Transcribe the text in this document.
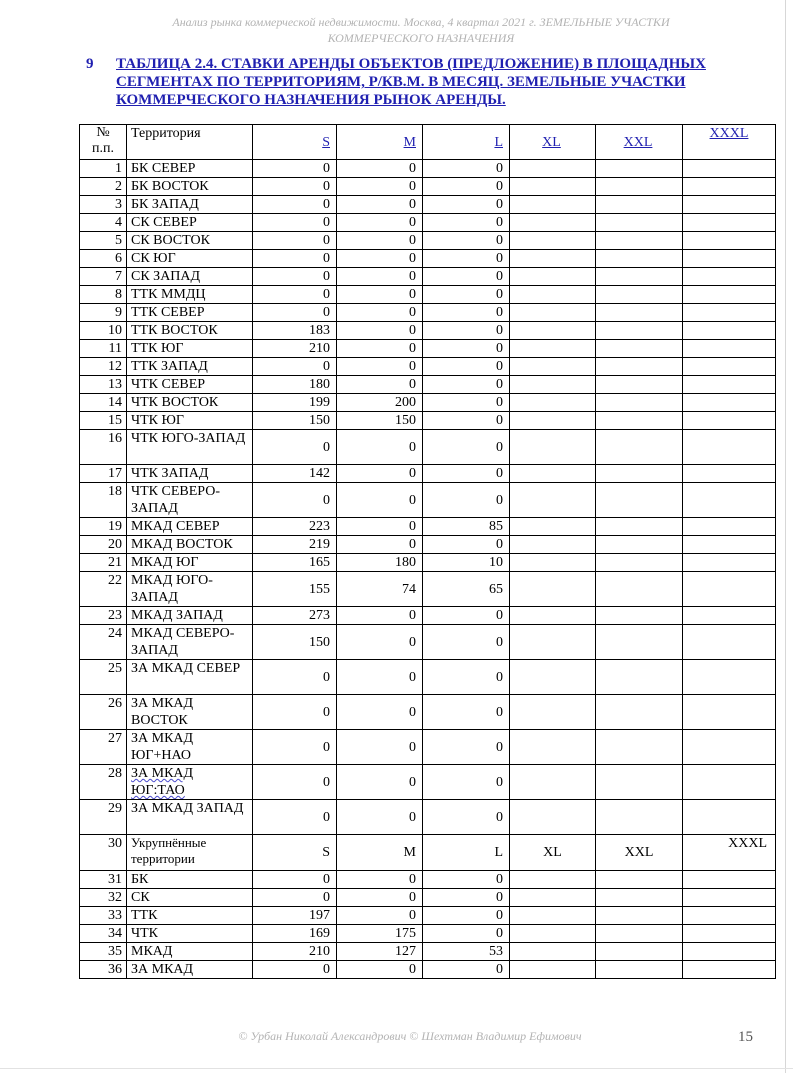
Анализ рынка коммерческой недвижимости. Москва, 4 квартал 2021 г. ЗЕМЕЛЬНЫЕ УЧАСТКИ
КОММЕРЧЕСКОГО НАЗНАЧЕНИЯ
9 ТАБЛИЦА 2.4. СТАВКИ АРЕНДЫ ОБЪЕКТОВ (ПРЕДЛОЖЕНИЕ) В ПЛОЩАДНЫХ СЕГМЕНТАХ ПО ТЕРРИТОРИЯМ, Р/КВ.М. В МЕСЯЦ. ЗЕМЕЛЬНЫЕ УЧАСТКИ КОММЕРЧЕСКОГО НАЗНАЧЕНИЯ РЫНОК АРЕНДЫ.
№ п.п.	Территория	S	M	L	XL	XXL	XXXL
1	БК СЕВЕР	0	0	0			
2	БК ВОСТОК	0	0	0			
3	БК ЗАПАД	0	0	0			
4	СК СЕВЕР	0	0	0			
5	СК ВОСТОК	0	0	0			
6	СК ЮГ	0	0	0			
7	СК ЗАПАД	0	0	0			
8	ТТК ММДЦ	0	0	0			
9	ТТК СЕВЕР	0	0	0			
10	ТТК ВОСТОК	183	0	0			
11	ТТК ЮГ	210	0	0			
12	ТТК ЗАПАД	0	0	0			
13	ЧТК СЕВЕР	180	0	0			
14	ЧТК ВОСТОК	199	200	0			
15	ЧТК ЮГ	150	150	0			
16	ЧТК ЮГО-ЗАПАД	0	0	0			
17	ЧТК ЗАПАД	142	0	0			
18	ЧТК СЕВЕРО-ЗАПАД	0	0	0			
19	МКАД СЕВЕР	223	0	85			
20	МКАД ВОСТОК	219	0	0			
21	МКАД ЮГ	165	180	10			
22	МКАД ЮГО-ЗАПАД	155	74	65			
23	МКАД ЗАПАД	273	0	0			
24	МКАД СЕВЕРО-ЗАПАД	150	0	0			
25	ЗА МКАД СЕВЕР	0	0	0			
26	ЗА МКАД ВОСТОК	0	0	0			
27	ЗА МКАД ЮГ+НАО	0	0	0			
28	ЗА МКАД ЮГ:ТАО	0	0	0			
29	ЗА МКАД ЗАПАД	0	0	0			
30	Укрупнённые территории	S	M	L	XL	XXL	XXXL
31	БК	0	0	0			
32	СК	0	0	0			
33	ТТК	197	0	0			
34	ЧТК	169	175	0			
35	МКАД	210	127	53			
36	ЗА МКАД	0	0	0			
© Урбан Николай Александрович © Шехтман Владимир Ефимович	15
